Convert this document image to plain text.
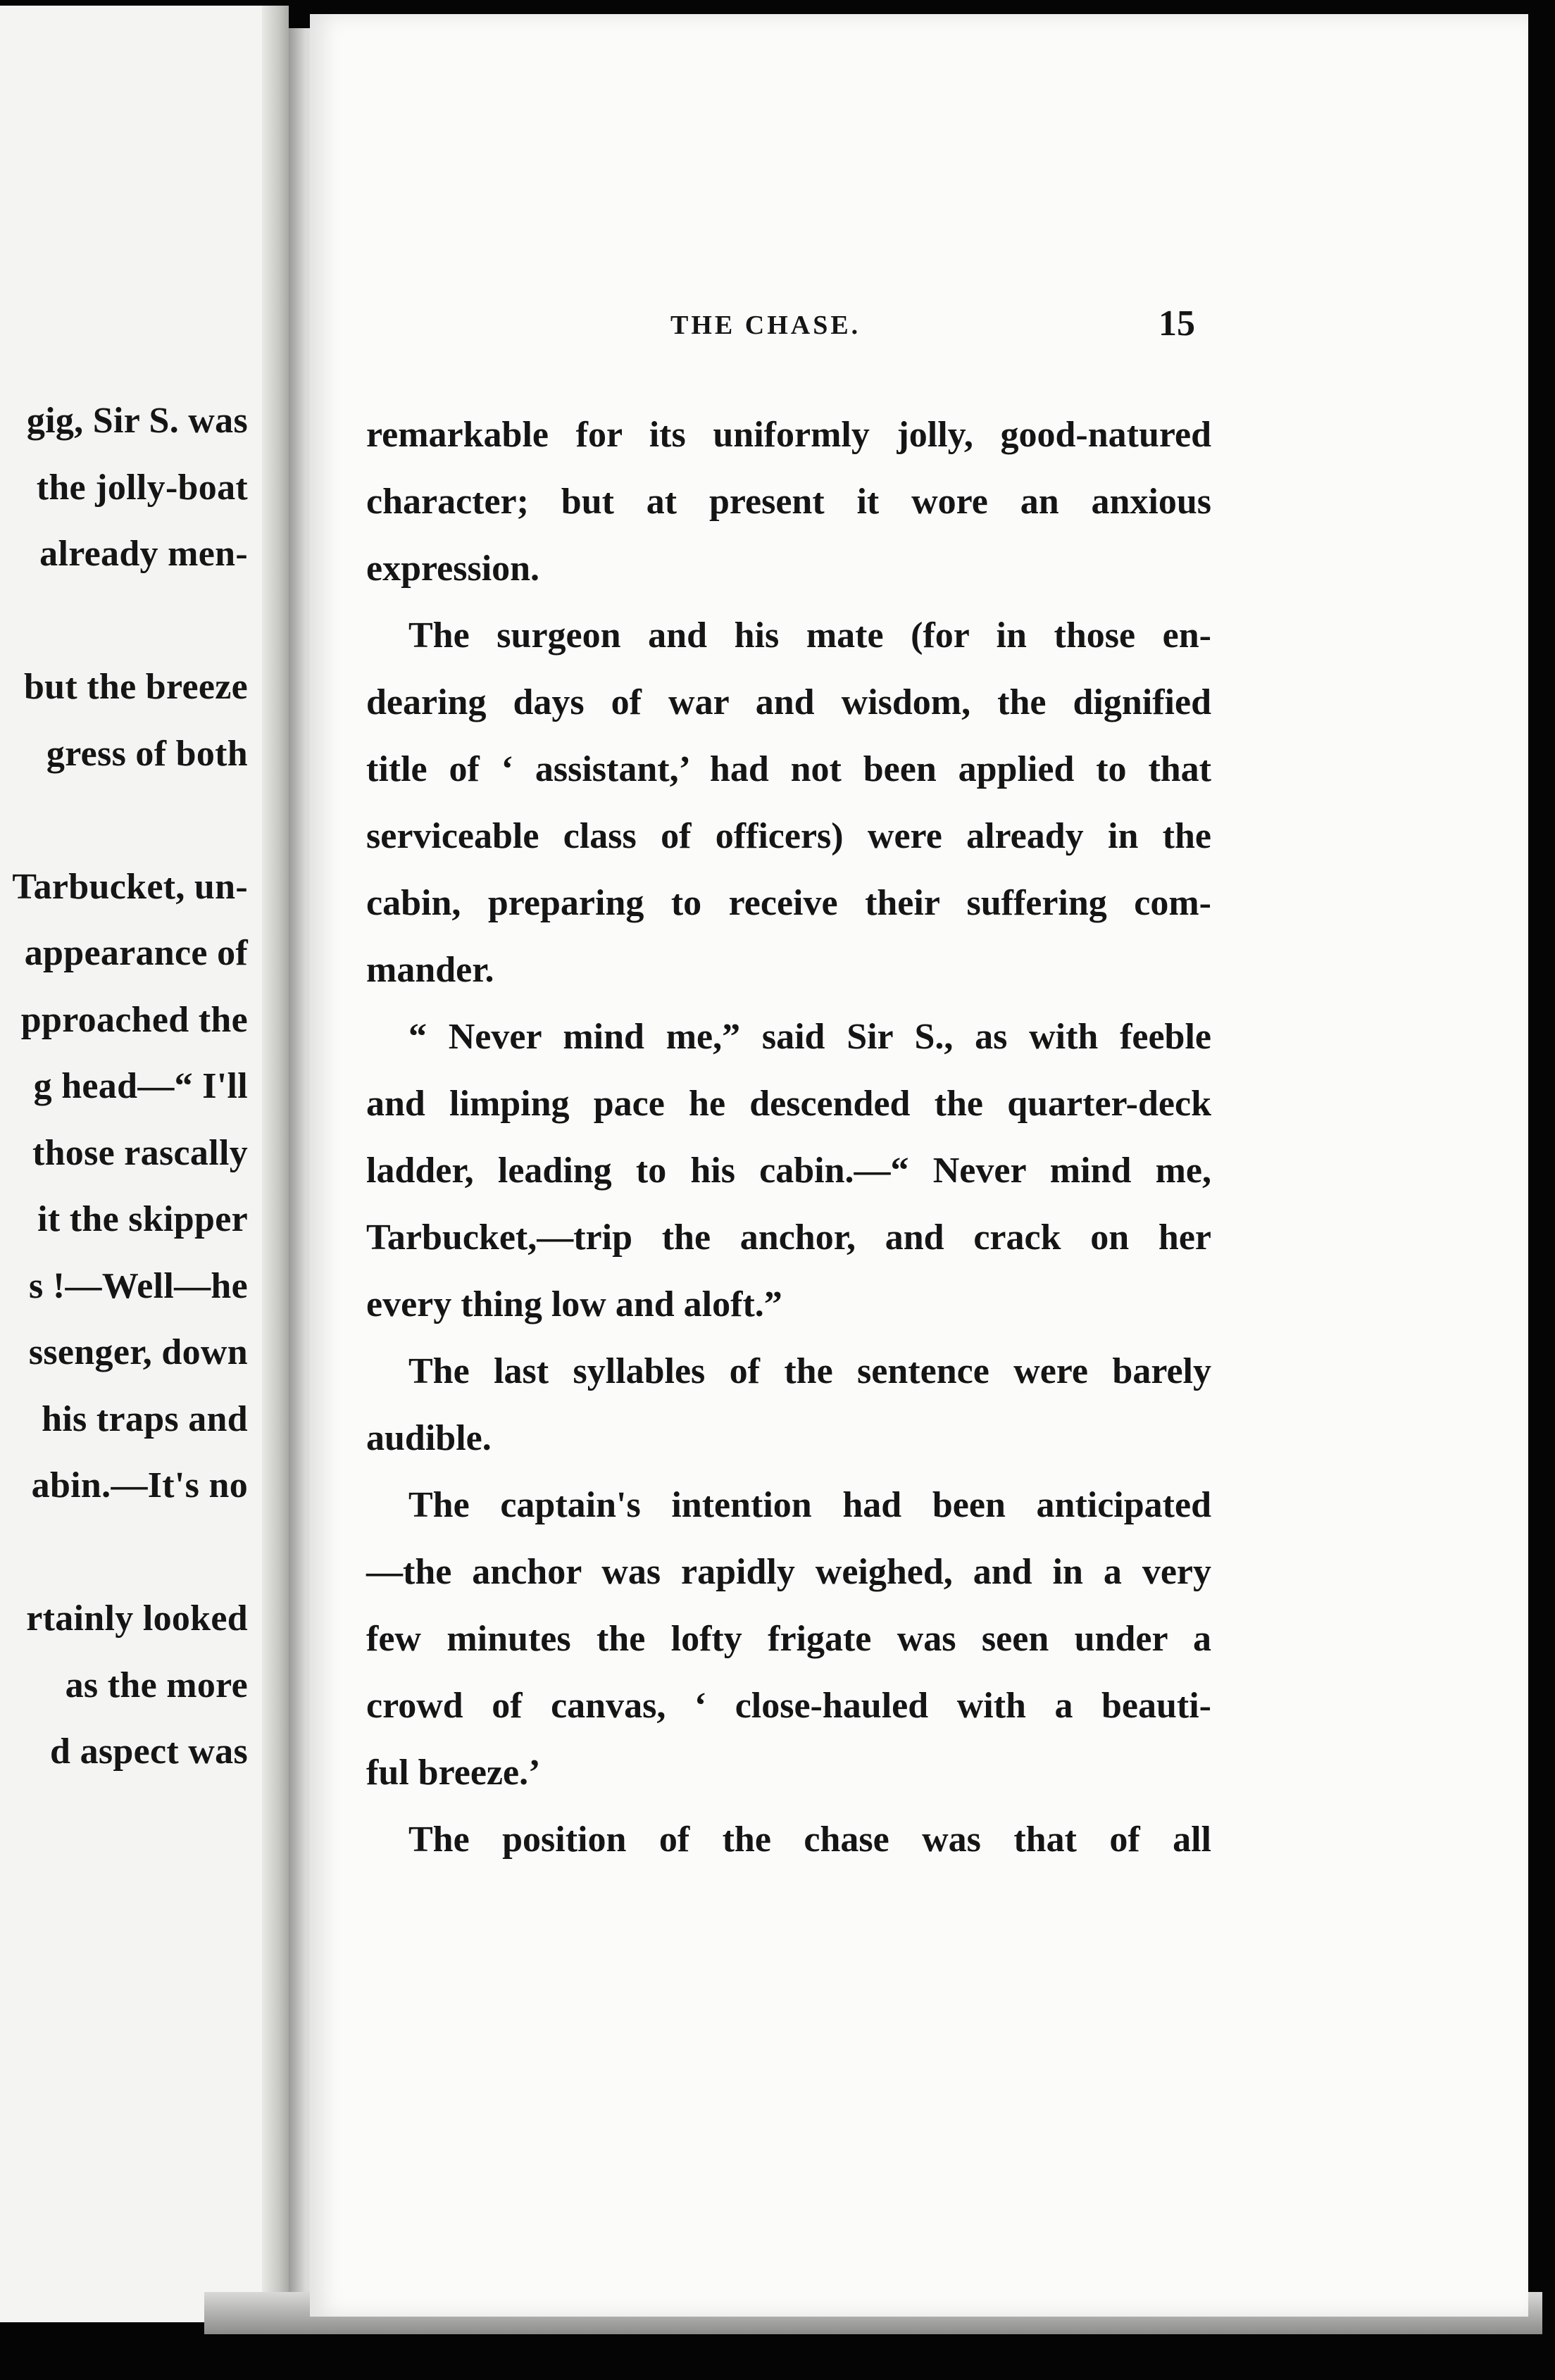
gig, Sir S. was
the jolly-boat
already men-
but the breeze
gress of both
Tarbucket, un-
appearance of
pproached the
g head—“ I'll
those rascally
it the skipper
s !—Well—he
ssenger, down
his traps and
abin.—It's no
rtainly looked
as the more
d aspect was
THE CHASE.	15
remarkable for its uniformly jolly, good-natured
character; but at present it wore an anxious
expression.
The surgeon and his mate (for in those en-
dearing days of war and wisdom, the dignified
title of ‘ assistant,’ had not been applied to that
serviceable class of officers) were already in the
cabin, preparing to receive their suffering com-
mander.
“ Never mind me,” said Sir S., as with feeble
and limping pace he descended the quarter-deck
ladder, leading to his cabin.—“ Never mind me,
Tarbucket,—trip the anchor, and crack on her
every thing low and aloft.”
The last syllables of the sentence were barely
audible.
The captain's intention had been anticipated
—the anchor was rapidly weighed, and in a very
few minutes the lofty frigate was seen under a
crowd of canvas, ‘ close-hauled with a beauti-
ful breeze.’
The position of the chase was that of all
